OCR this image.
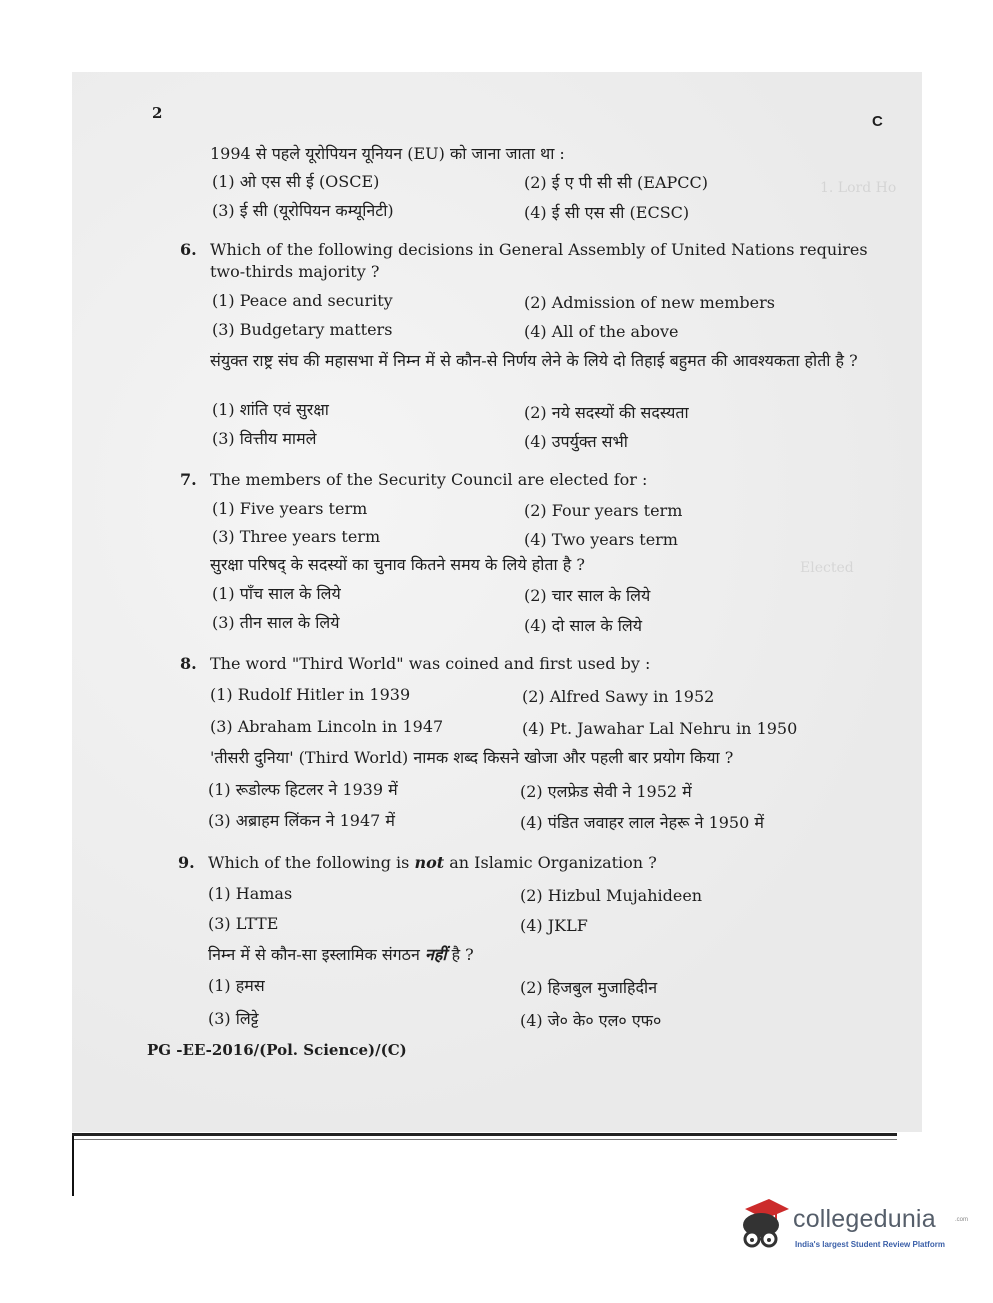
1. Lord Ho
Elected
2	C
1994 से पहले यूरोपियन यूनियन (EU) को जाना जाता था :
(1) ओ एस सी ई (OSCE)	(2) ई ए पी सी सी (EAPCC)
(3) ई सी (यूरोपियन कम्यूनिटी)	(4) ई सी एस सी (ECSC)
6. Which of the following decisions in General Assembly of United Nations requires two-thirds majority ?
(1) Peace and security	(2) Admission of new members
(3) Budgetary matters	(4) All of the above
संयुक्त राष्ट्र संघ की महासभा में निम्न में से कौन-से निर्णय लेने के लिये दो तिहाई बहुमत की आवश्यकता होती है ?
(1) शांति एवं सुरक्षा	(2) नये सदस्यों की सदस्यता
(3) वित्तीय मामले	(4) उपर्युक्त सभी
7. The members of the Security Council are elected for :
(1) Five years term	(2) Four years term
(3) Three years term	(4) Two years term
सुरक्षा परिषद् के सदस्यों का चुनाव कितने समय के लिये होता है ?
(1) पाँच साल के लिये	(2) चार साल के लिये
(3) तीन साल के लिये	(4) दो साल के लिये
8. The word "Third World" was coined and first used by :
(1) Rudolf Hitler in 1939	(2) Alfred Sawy in 1952
(3) Abraham Lincoln in 1947	(4) Pt. Jawahar Lal Nehru in 1950
'तीसरी दुनिया' (Third World) नामक शब्द किसने खोजा और पहली बार प्रयोग किया ?
(1) रूडोल्फ हिटलर ने 1939 में	(2) एलफ्रेड सेवी ने 1952 में
(3) अब्राहम लिंकन ने 1947 में	(4) पंडित जवाहर लाल नेहरू ने 1950 में
9. Which of the following is not an Islamic Organization ?
(1) Hamas	(2) Hizbul Mujahideen
(3) LTTE	(4) JKLF
निम्न में से कौन-सा इस्लामिक संगठन नहीं है ?
(1) हमस	(2) हिजबुल मुजाहिदीन
(3) लिट्टे	(4) जे० के० एल० एफ०
PG -EE-2016/(Pol. Science)/(C)
collegedunia	.com
India's largest Student Review Platform
